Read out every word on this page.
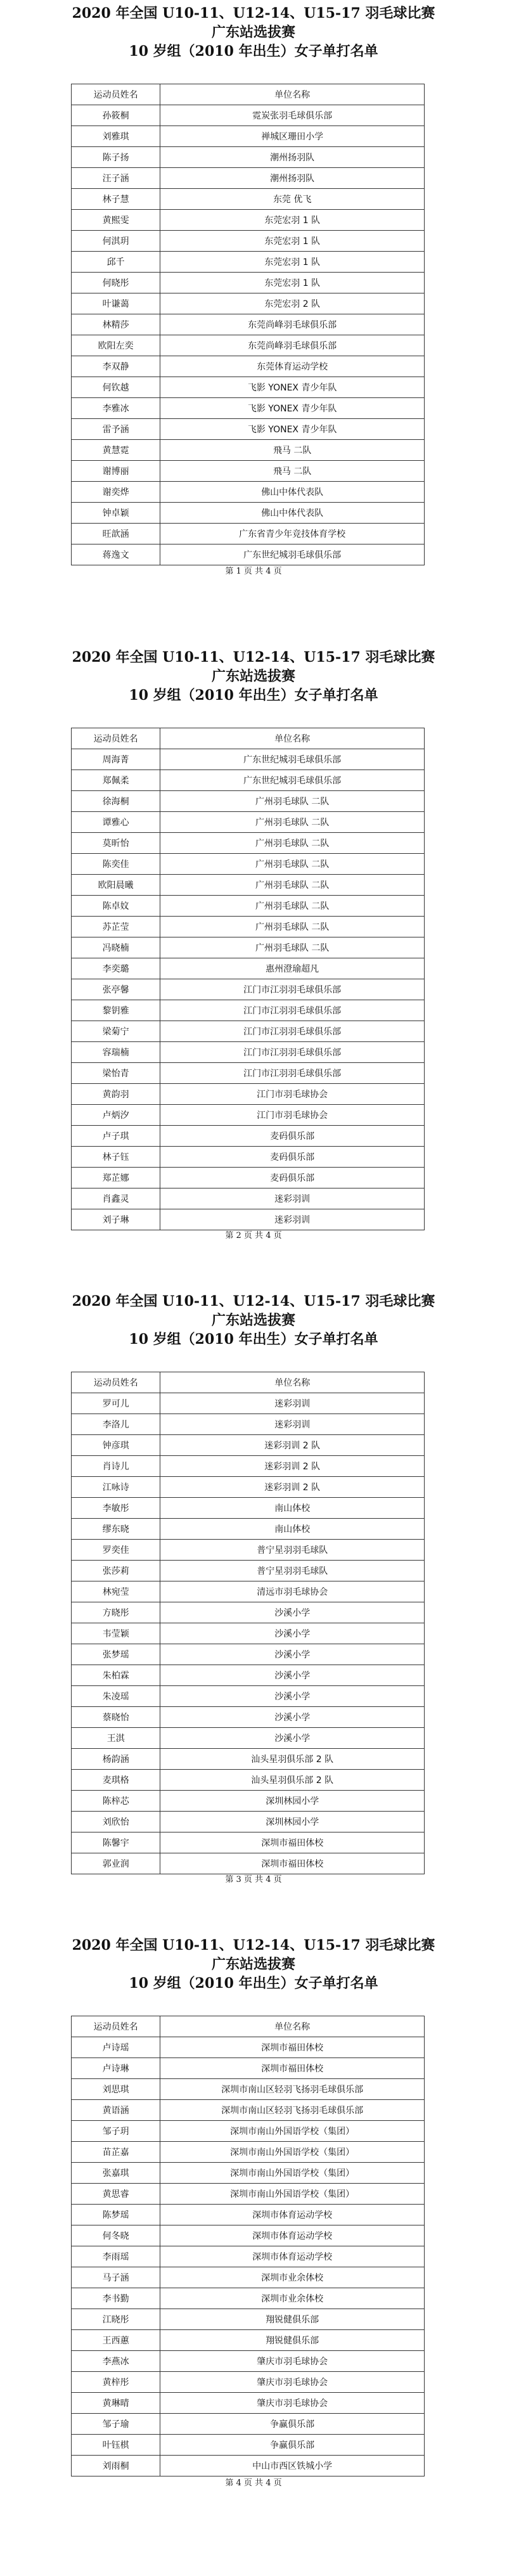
2020 年全国 U10-11、U12-14、U15-17 羽毛球比赛
广东站选拔赛
10 岁组（2010 年出生）女子单打名单
运动员姓名	单位名称
孙筱桐	霓炭张羽毛球俱乐部
刘雅琪	禅城区珊田小学
陈子扬	潮州扬羽队
汪子涵	潮州扬羽队
林子慧	东莞 优飞
黄熙雯	东莞宏羽 1 队
何淇玥	东莞宏羽 1 队
邱千	东莞宏羽 1 队
何晓彤	东莞宏羽 1 队
叶谦蔼	东莞宏羽 2 队
林精莎	东莞尚峰羽毛球俱乐部
欧阳左奕	东莞尚峰羽毛球俱乐部
李双静	东莞体育运动学校
何钦越	飞影 YONEX 青少年队
李雅冰	飞影 YONEX 青少年队
雷予涵	飞影 YONEX 青少年队
黄慧霓	飛马 二队
谢博丽	飛马 二队
谢奕烨	佛山中体代表队
钟卓颖	佛山中体代表队
旺歆涵	广东省青少年竞技体育学校
蒋逸文	广东世纪城羽毛球俱乐部
第 1 页 共 4 页
2020 年全国 U10-11、U12-14、U15-17 羽毛球比赛
广东站选拔赛
10 岁组（2010 年出生）女子单打名单
运动员姓名	单位名称
周海菁	广东世纪城羽毛球俱乐部
郑佩柔	广东世纪城羽毛球俱乐部
徐海桐	广州羽毛球队 二队
谭雅心	广州羽毛球队 二队
莫昕怡	广州羽毛球队 二队
陈奕佳	广州羽毛球队 二队
欧阳晨曦	广州羽毛球队 二队
陈卓妏	广州羽毛球队 二队
苏芷莹	广州羽毛球队 二队
冯晓楠	广州羽毛球队 二队
李奕璐	惠州澄瑜超凡
张亭馨	江门市江羽羽毛球俱乐部
黎钥雅	江门市江羽羽毛球俱乐部
梁菊宁	江门市江羽羽毛球俱乐部
容瑞楠	江门市江羽羽毛球俱乐部
梁怡青	江门市江羽羽毛球俱乐部
黄韵羽	江门市羽毛球协会
卢炳汐	江门市羽毛球协会
卢子琪	麦码俱乐部
林子钰	麦码俱乐部
郑芷娜	麦码俱乐部
肖鑫灵	迷彩羽训
刘子琳	迷彩羽训
第 2 页 共 4 页
2020 年全国 U10-11、U12-14、U15-17 羽毛球比赛
广东站选拔赛
10 岁组（2010 年出生）女子单打名单
运动员姓名	单位名称
罗可儿	迷彩羽训
李洛儿	迷彩羽训
钟彦琪	迷彩羽训 2 队
肖诗儿	迷彩羽训 2 队
江咏诗	迷彩羽训 2 队
李敏彤	南山体校
缪东晓	南山体校
罗奕佳	普宁星羽羽毛球队
张莎莉	普宁星羽羽毛球队
林宛莹	清远市羽毛球协会
方晓彤	沙溪小学
韦莹颖	沙溪小学
张梦瑶	沙溪小学
朱柏霖	沙溪小学
朱凌瑶	沙溪小学
蔡晓怡	沙溪小学
王淇	沙溪小学
杨韵涵	汕头星羽俱乐部 2 队
麦琪格	汕头星羽俱乐部 2 队
陈梓芯	深圳林园小学
刘欣怡	深圳林园小学
陈馨宇	深圳市福田体校
郭业润	深圳市福田体校
第 3 页 共 4 页
2020 年全国 U10-11、U12-14、U15-17 羽毛球比赛
广东站选拔赛
10 岁组（2010 年出生）女子单打名单
运动员姓名	单位名称
卢诗瑶	深圳市福田体校
卢诗琳	深圳市福田体校
刘思琪	深圳市南山区轻羽飞扬羽毛球俱乐部
黄语涵	深圳市南山区轻羽飞扬羽毛球俱乐部
邹子玥	深圳市南山外国语学校（集团）
苗芷嘉	深圳市南山外国语学校（集团）
张嘉琪	深圳市南山外国语学校（集团）
黄思睿	深圳市南山外国语学校（集团）
陈梦瑶	深圳市体育运动学校
何冬晓	深圳市体育运动学校
李雨瑶	深圳市体育运动学校
马子涵	深圳市业余体校
李书勤	深圳市业余体校
江晓彤	翔锐健俱乐部
王西蕙	翔锐健俱乐部
李燕冰	肇庆市羽毛球协会
黄梓彤	肇庆市羽毛球协会
黄琳晴	肇庆市羽毛球协会
邹子瑜	争赢俱乐部
叶钰棋	争赢俱乐部
刘雨桐	中山市西区铁城小学
第 4 页 共 4 页
